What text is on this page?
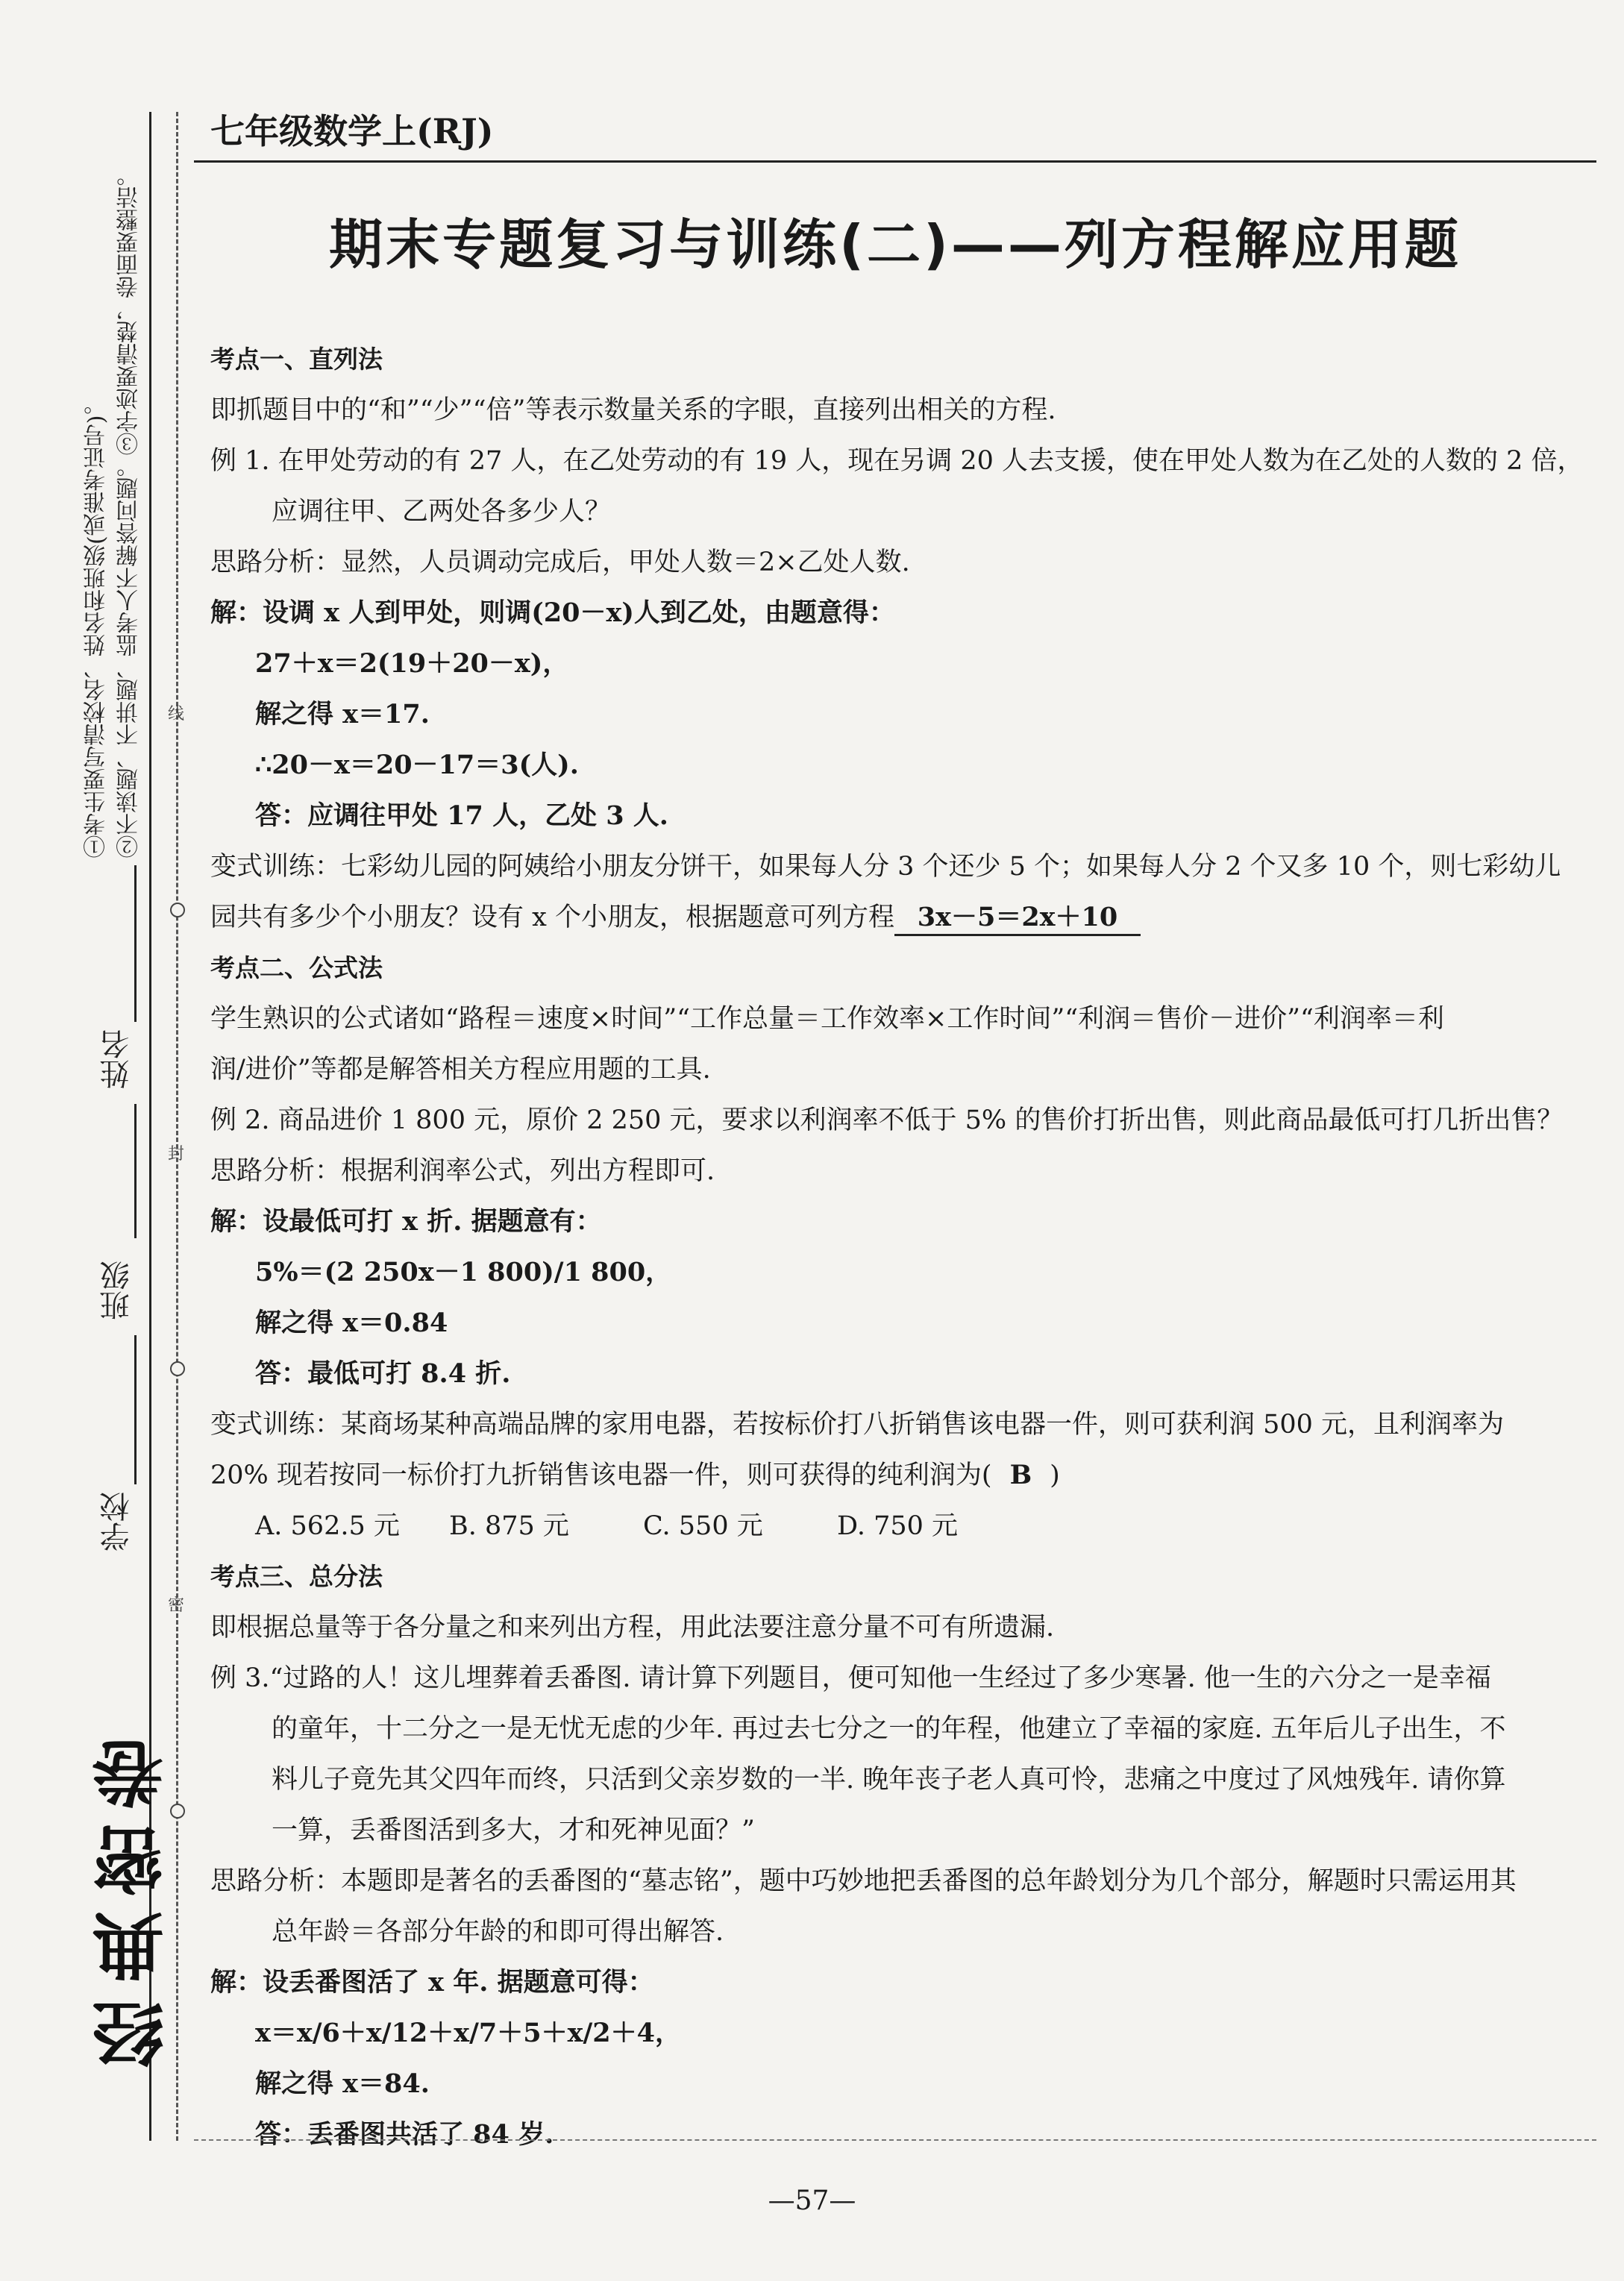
线
封
密
①考生要写清校名、姓名和班级(或准考证号)。 ②不读题、不讲题、监考人不解答问题。③字迹要清楚，卷面要整洁。
姓名
班级
学校
经典密卷
七年级数学上(RJ)
期末专题复习与训练(二)——列方程解应用题
考点一、直列法
即抓题目中的“和”“少”“倍”等表示数量关系的字眼，直接列出相关的方程.
例 1. 在甲处劳动的有 27 人，在乙处劳动的有 19 人，现在另调 20 人去支援，使在甲处人数为在乙处的人数的 2 倍，
应调往甲、乙两处各多少人？
思路分析：显然，人员调动完成后，甲处人数＝2×乙处人数.
解：设调 x 人到甲处，则调(20－x)人到乙处，由题意得：
27＋x＝2(19＋20－x)，
解之得 x＝17.
∴20－x＝20－17＝3(人).
答：应调往甲处 17 人，乙处 3 人.
变式训练：七彩幼儿园的阿姨给小朋友分饼干，如果每人分 3 个还少 5 个；如果每人分 2 个又多 10 个，则七彩幼儿
园共有多少个小朋友？设有 x 个小朋友，根据题意可列方程 3x－5＝2x＋10
考点二、公式法
学生熟识的公式诸如“路程＝速度×时间”“工作总量＝工作效率×工作时间”“利润＝售价－进价”“利润率＝利
润/进价”等都是解答相关方程应用题的工具.
例 2. 商品进价 1 800 元，原价 2 250 元，要求以利润率不低于 5% 的售价打折出售，则此商品最低可打几折出售？
思路分析：根据利润率公式，列出方程即可.
解：设最低可打 x 折. 据题意有：
5%＝(2 250x－1 800)/1 800，
解之得 x＝0.84
答：最低可打 8.4 折.
变式训练：某商场某种高端品牌的家用电器，若按标价打八折销售该电器一件，则可获利润 500 元，且利润率为
20% 现若按同一标价打九折销售该电器一件，则可获得的纯利润为( B )
A. 562.5 元 B. 875 元	C. 550 元	D. 750 元
考点三、总分法
即根据总量等于各分量之和来列出方程，用此法要注意分量不可有所遗漏.
例 3.“过路的人！这儿埋葬着丢番图. 请计算下列题目，便可知他一生经过了多少寒暑. 他一生的六分之一是幸福
的童年，十二分之一是无忧无虑的少年. 再过去七分之一的年程，他建立了幸福的家庭. 五年后儿子出生，不
料儿子竟先其父四年而终，只活到父亲岁数的一半. 晚年丧子老人真可怜，悲痛之中度过了风烛残年. 请你算
一算，丢番图活到多大，才和死神见面？”
思路分析：本题即是著名的丢番图的“墓志铭”，题中巧妙地把丢番图的总年龄划分为几个部分，解题时只需运用其
总年龄＝各部分年龄的和即可得出解答.
解：设丢番图活了 x 年. 据题意可得：
x＝x/6＋x/12＋x/7＋5＋x/2＋4，
解之得 x＝84.
答：丢番图共活了 84 岁.
—57—
